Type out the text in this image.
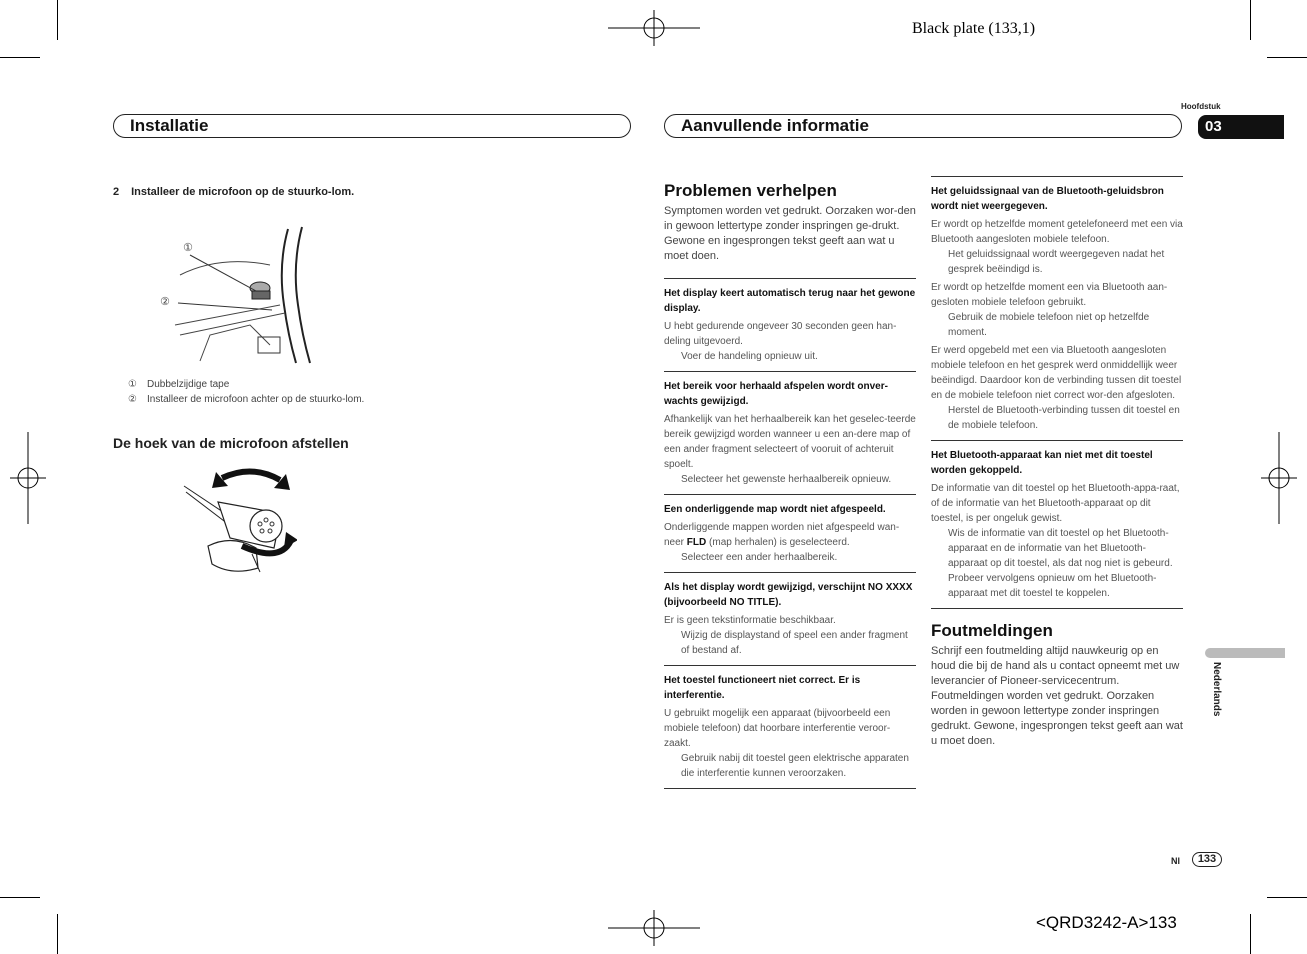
Black plate (133,1)
<QRD3242-A>133
Installatie	Aanvullende informatie
Hoofdstuk
03
Nederlands
Nl	133
2 Installeer de microfoon op de stuurko-lom.
①
②
①	Dubbelzijdige tape
②	Installeer de microfoon achter op de stuurko-lom.
De hoek van de microfoon afstellen
Problemen verhelpen
Symptomen worden vet gedrukt. Oorzaken wor-den in gewoon lettertype zonder inspringen ge-drukt. Gewone en ingesprongen tekst geeft aan wat u moet doen.
Het display keert automatisch terug naar het gewone display.
U hebt gedurende ongeveer 30 seconden geen han-deling uitgevoerd.
Voer de handeling opnieuw uit.
Het bereik voor herhaald afspelen wordt onver-wachts gewijzigd.
Afhankelijk van het herhaalbereik kan het geselec-teerde bereik gewijzigd worden wanneer u een an-dere map of een ander fragment selecteert of vooruit of achteruit spoelt.
Selecteer het gewenste herhaalbereik opnieuw.
Een onderliggende map wordt niet afgespeeld.
Onderliggende mappen worden niet afgespeeld wan-neer FLD (map herhalen) is geselecteerd.
Selecteer een ander herhaalbereik.
Als het display wordt gewijzigd, verschijnt NO XXXX (bijvoorbeeld NO TITLE).
Er is geen tekstinformatie beschikbaar.
Wijzig de displaystand of speel een ander fragment of bestand af.
Het toestel functioneert niet correct. Er is interferentie.
U gebruikt mogelijk een apparaat (bijvoorbeeld een mobiele telefoon) dat hoorbare interferentie veroor-zaakt.
Gebruik nabij dit toestel geen elektrische apparaten die interferentie kunnen veroorzaken.
Het geluidssignaal van de Bluetooth-geluidsbron wordt niet weergegeven.
Er wordt op hetzelfde moment getelefoneerd met een via Bluetooth aangesloten mobiele telefoon.
Het geluidssignaal wordt weergegeven nadat het gesprek beëindigd is.
Er wordt op hetzelfde moment een via Bluetooth aan-gesloten mobiele telefoon gebruikt.
Gebruik de mobiele telefoon niet op hetzelfde moment.
Er werd opgebeld met een via Bluetooth aangesloten mobiele telefoon en het gesprek werd onmiddellijk weer beëindigd. Daardoor kon de verbinding tussen dit toestel en de mobiele telefoon niet correct wor-den afgesloten.
Herstel de Bluetooth-verbinding tussen dit toestel en de mobiele telefoon.
Het Bluetooth-apparaat kan niet met dit toestel worden gekoppeld.
De informatie van dit toestel op het Bluetooth-appa-raat, of de informatie van het Bluetooth-apparaat op dit toestel, is per ongeluk gewist.
Wis de informatie van dit toestel op het Bluetooth-apparaat en de informatie van het Bluetooth-apparaat op dit toestel, als dat nog niet is gebeurd. Probeer vervolgens opnieuw om het Bluetooth-apparaat met dit toestel te koppelen.
Foutmeldingen
Schrijf een foutmelding altijd nauwkeurig op en houd die bij de hand als u contact opneemt met uw leverancier of Pioneer-servicecentrum. Foutmeldingen worden vet gedrukt. Oorzaken worden in gewoon lettertype zonder inspringen gedrukt. Gewone, ingesprongen tekst geeft aan wat u moet doen.
